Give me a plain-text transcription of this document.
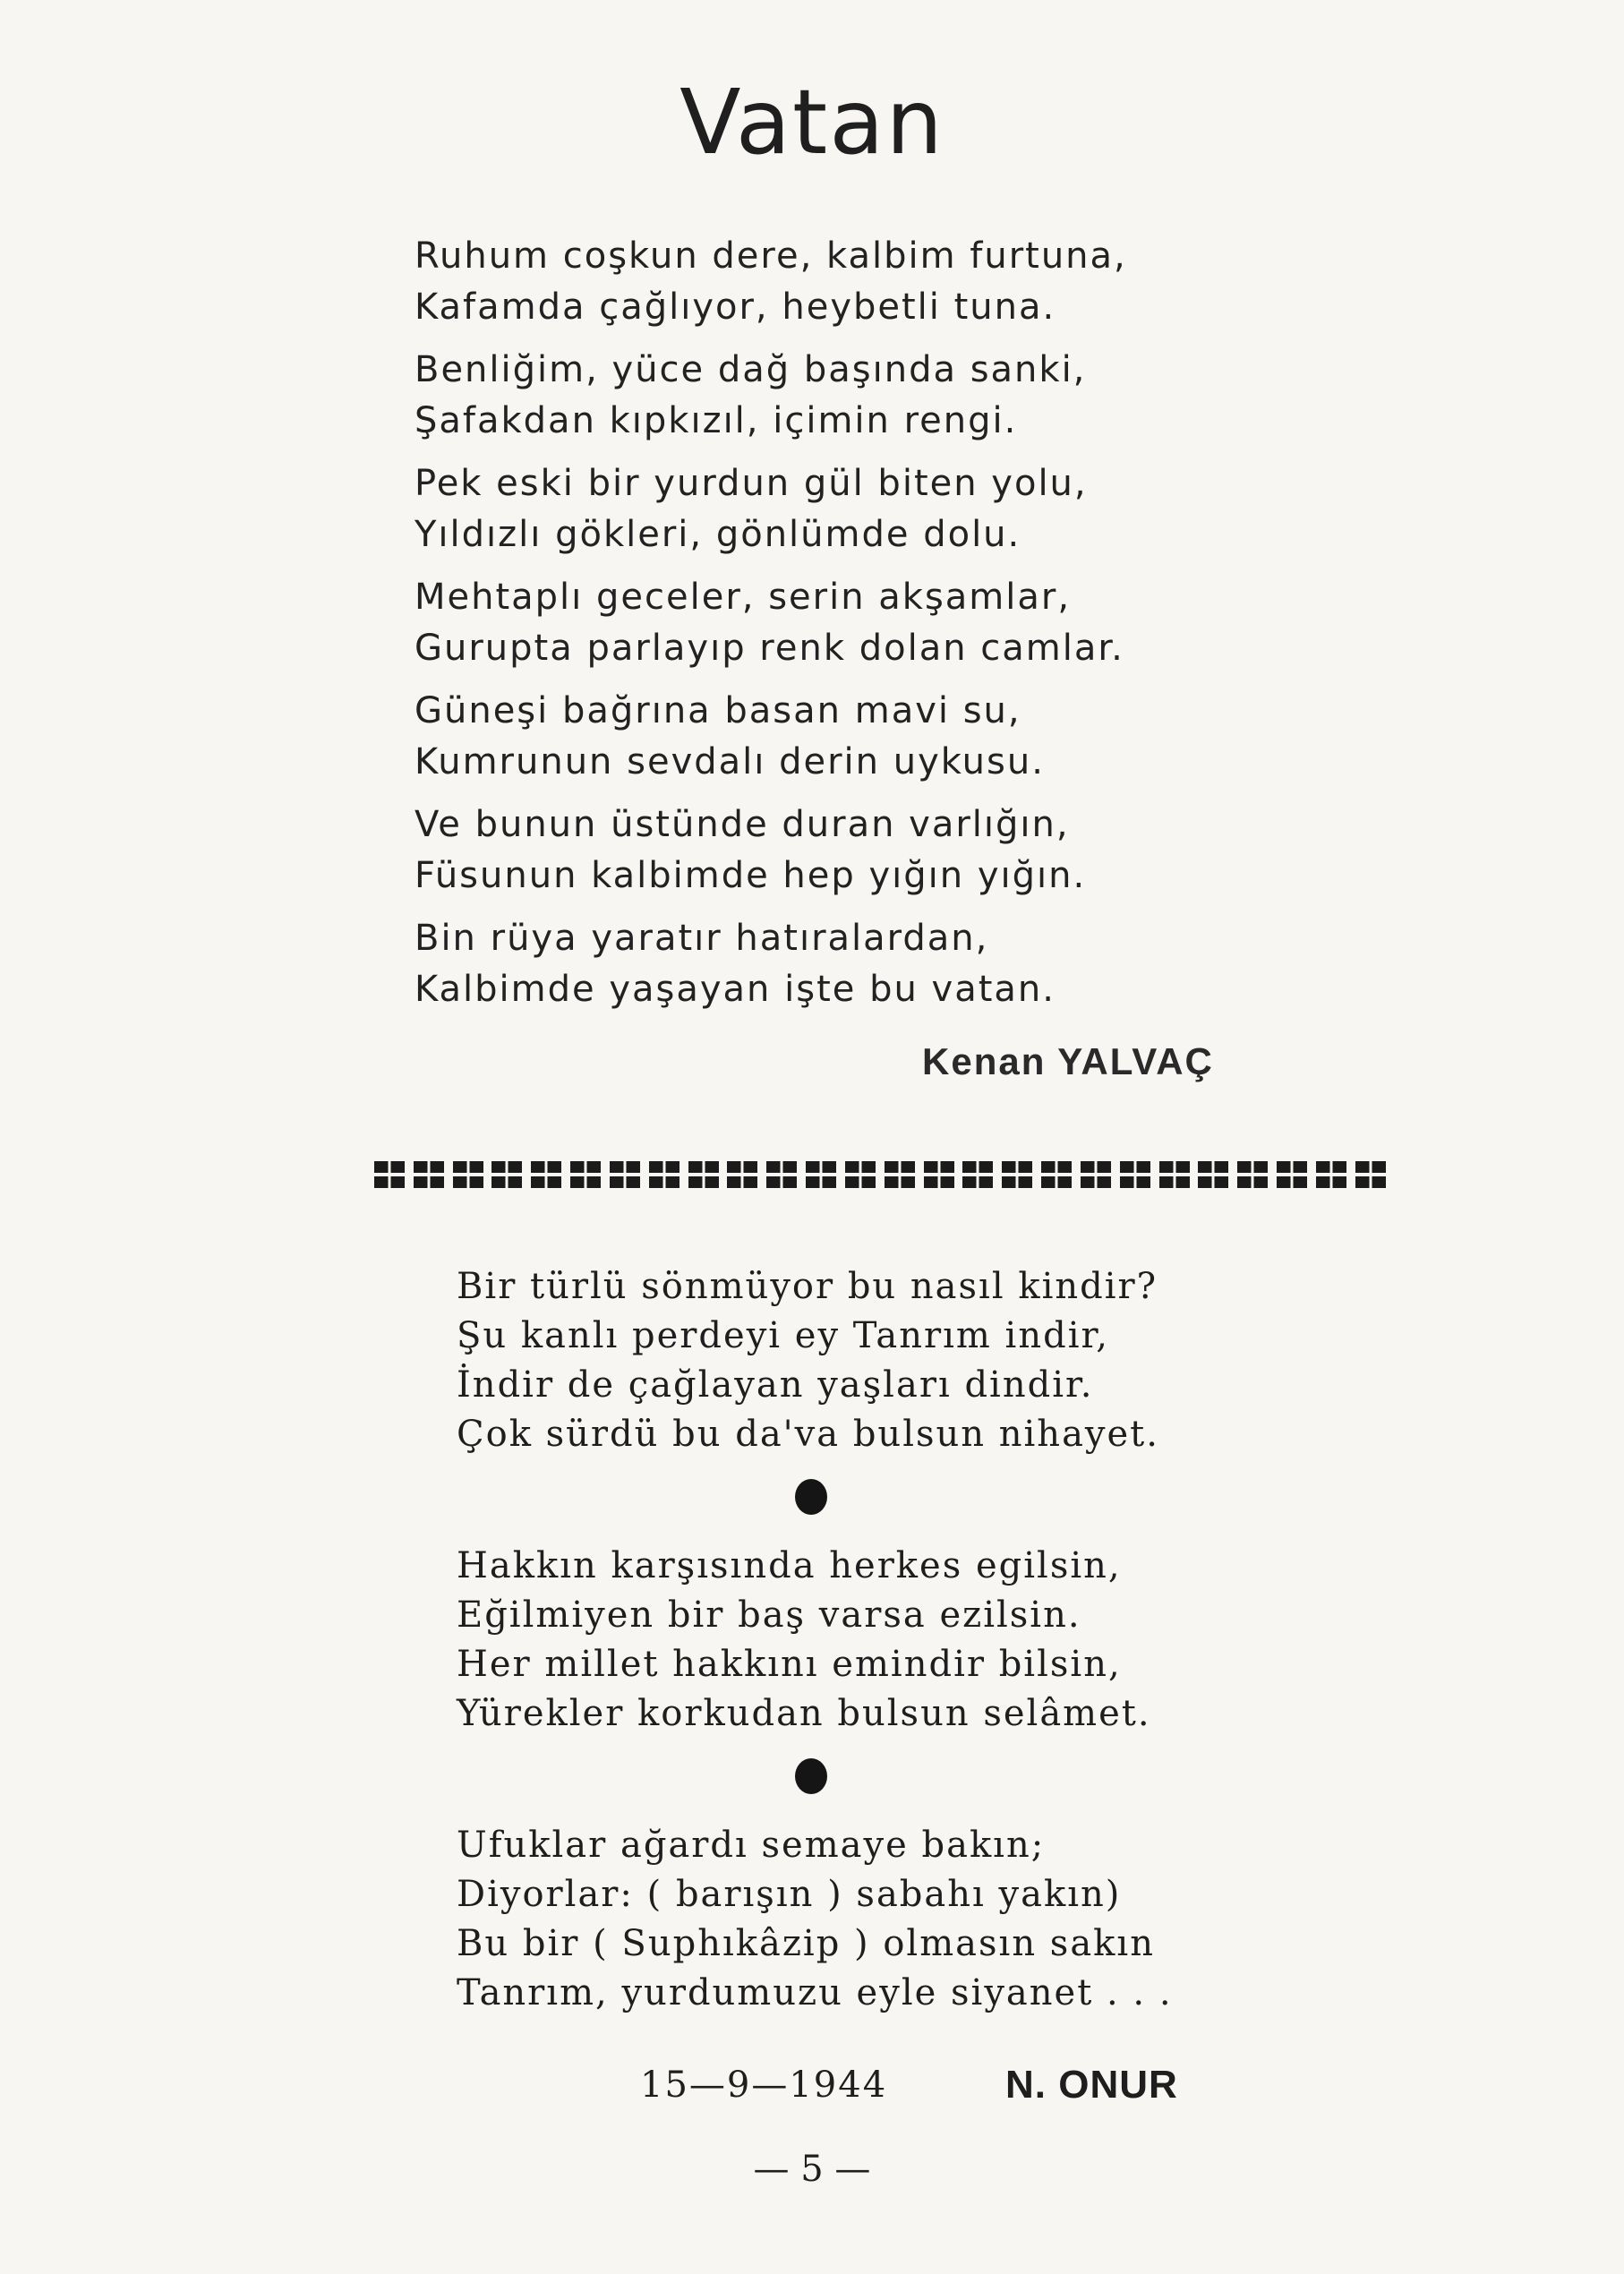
Vatan
Ruhum coşkun dere, kalbim furtuna,
Kafamda çağlıyor, heybetli tuna.
Benliğim, yüce dağ başında sanki,
Şafakdan kıpkızıl, içimin rengi.
Pek eski bir yurdun gül biten yolu,
Yıldızlı gökleri, gönlümde dolu.
Mehtaplı geceler, serin akşamlar,
Gurupta parlayıp renk dolan camlar.
Güneşi bağrına basan mavi su,
Kumrunun sevdalı derin uykusu.
Ve bunun üstünde duran varlığın,
Füsunun kalbimde hep yığın yığın.
Bin rüya yaratır hatıralardan,
Kalbimde yaşayan işte bu vatan.
Kenan YALVAÇ
Bir türlü sönmüyor bu nasıl kindir?
Şu kanlı perdeyi ey Tanrım indir,
İndir de çağlayan yaşları dindir.
Çok sürdü bu da'va bulsun nihayet.
Hakkın karşısında herkes egilsin,
Eğilmiyen bir baş varsa ezilsin.
Her millet hakkını emindir bilsin,
Yürekler korkudan bulsun selâmet.
Ufuklar ağardı semaye bakın;
Diyorlar: ( barışın ) sabahı yakın)
Bu bir ( Suphıkâzip ) olmasın sakın
Tanrım, yurdumuzu eyle siyanet . . .
15—9—1944	N. ONUR
— 5 —
